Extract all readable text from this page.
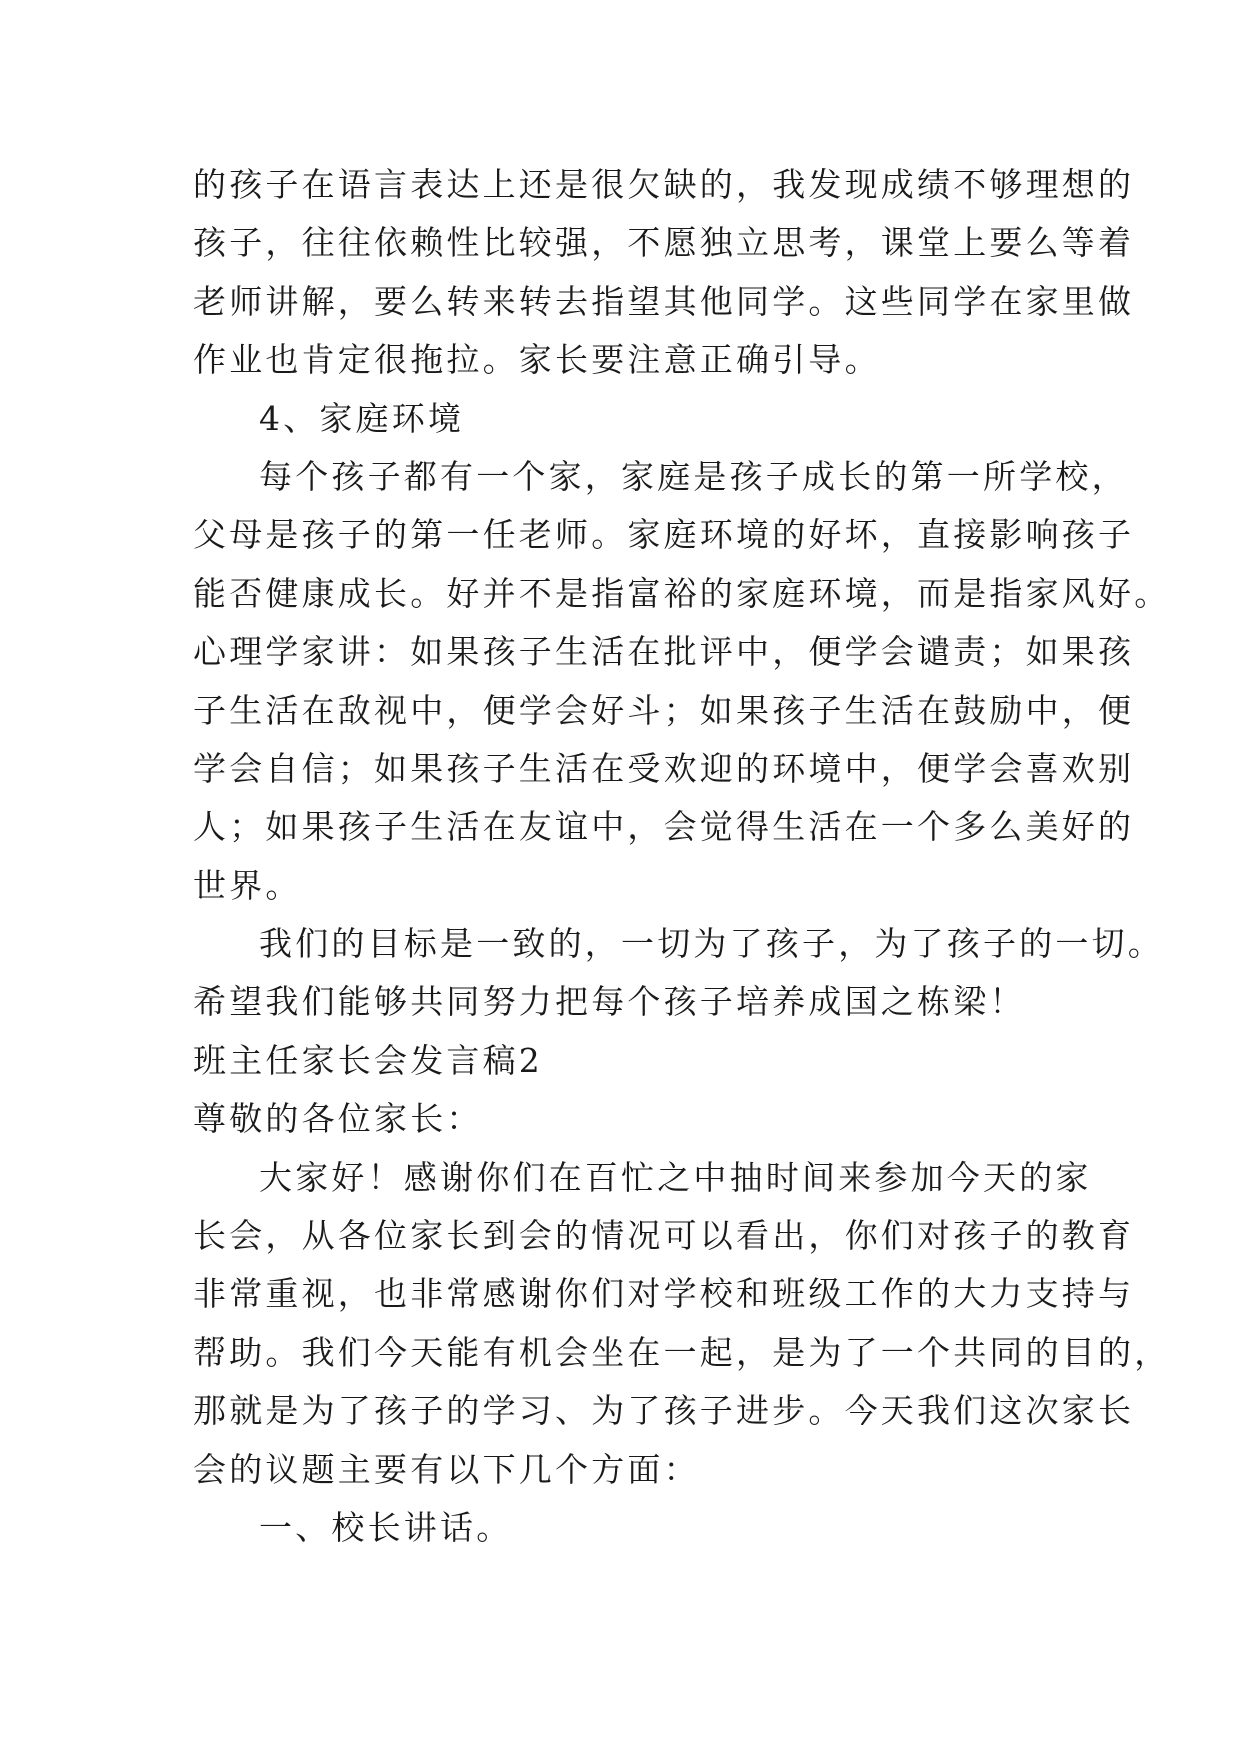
的孩子在语言表达上还是很欠缺的，我发现成绩不够理想的
孩子，往往依赖性比较强，不愿独立思考，课堂上要么等着
老师讲解，要么转来转去指望其他同学。这些同学在家里做
作业也肯定很拖拉。家长要注意正确引导。
4、家庭环境
每个孩子都有一个家，家庭是孩子成长的第一所学校，
父母是孩子的第一任老师。家庭环境的好坏，直接影响孩子
能否健康成长。好并不是指富裕的家庭环境，而是指家风好。
心理学家讲：如果孩子生活在批评中，便学会谴责；如果孩
子生活在敌视中，便学会好斗；如果孩子生活在鼓励中，便
学会自信；如果孩子生活在受欢迎的环境中，便学会喜欢别
人；如果孩子生活在友谊中，会觉得生活在一个多么美好的
世界。
我们的目标是一致的，一切为了孩子，为了孩子的一切。
希望我们能够共同努力把每个孩子培养成国之栋梁！
班主任家长会发言稿2
尊敬的各位家长：
大家好！感谢你们在百忙之中抽时间来参加今天的家
长会，从各位家长到会的情况可以看出，你们对孩子的教育
非常重视，也非常感谢你们对学校和班级工作的大力支持与
帮助。我们今天能有机会坐在一起，是为了一个共同的目的，
那就是为了孩子的学习、为了孩子进步。今天我们这次家长
会的议题主要有以下几个方面：
一、校长讲话。
